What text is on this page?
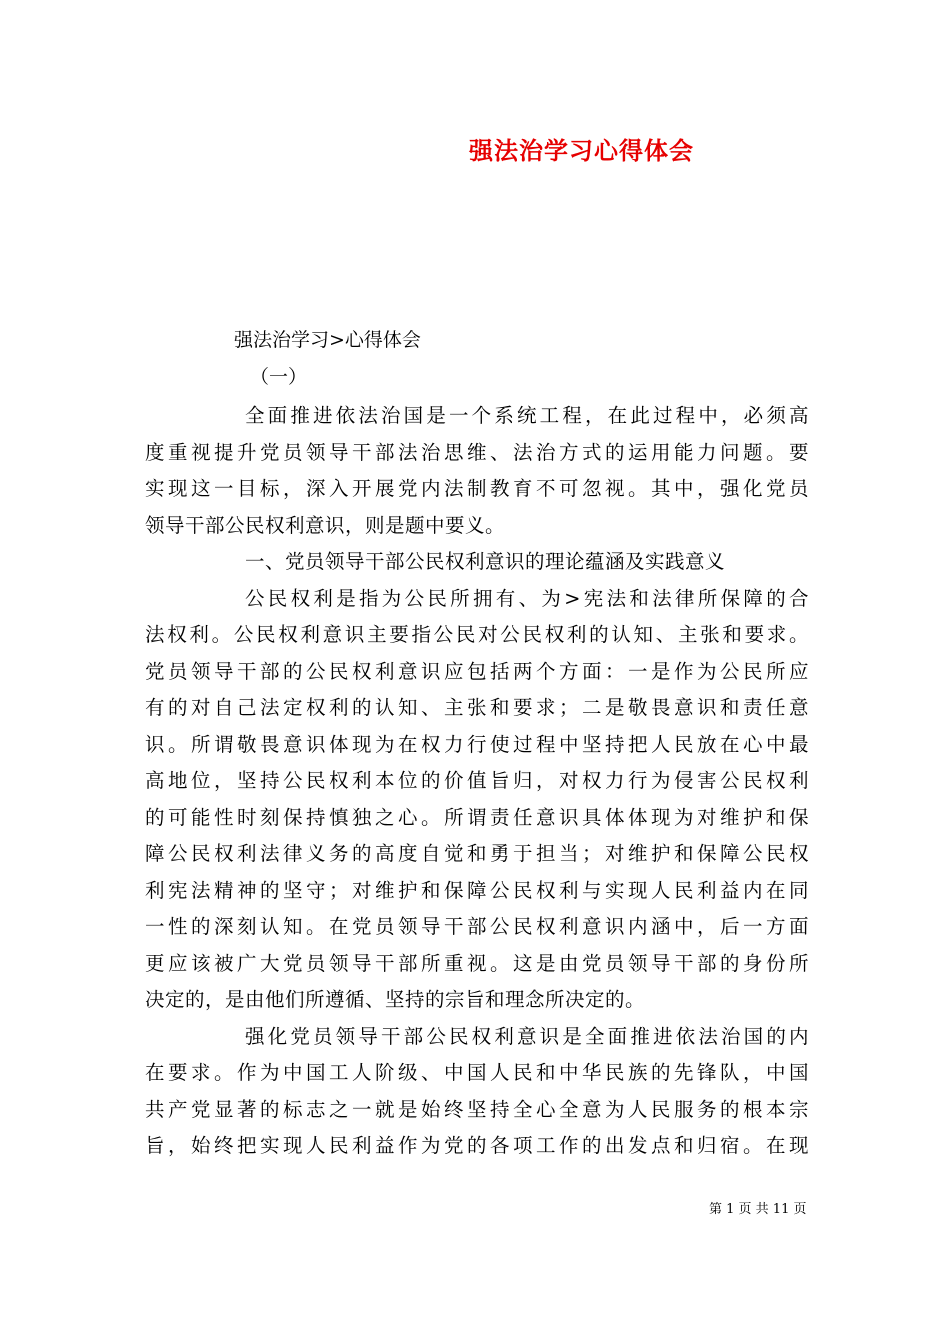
强法治学习心得体会
强法治学习>心得体会
（一）
全面推进依法治国是一个系统工程，在此过程中，必须高
度重视提升党员领导干部法治思维、法治方式的运用能力问题。要
实现这一目标，深入开展党内法制教育不可忽视。其中，强化党员
领导干部公民权利意识，则是题中要义。
一、党员领导干部公民权利意识的理论蕴涵及实践意义
公民权利是指为公民所拥有、为>宪法和法律所保障的合
法权利。公民权利意识主要指公民对公民权利的认知、主张和要求。
党员领导干部的公民权利意识应包括两个方面：一是作为公民所应
有的对自己法定权利的认知、主张和要求；二是敬畏意识和责任意
识。所谓敬畏意识体现为在权力行使过程中坚持把人民放在心中最
高地位，坚持公民权利本位的价值旨归，对权力行为侵害公民权利
的可能性时刻保持慎独之心。所谓责任意识具体体现为对维护和保
障公民权利法律义务的高度自觉和勇于担当；对维护和保障公民权
利宪法精神的坚守；对维护和保障公民权利与实现人民利益内在同
一性的深刻认知。在党员领导干部公民权利意识内涵中，后一方面
更应该被广大党员领导干部所重视。这是由党员领导干部的身份所
决定的，是由他们所遵循、坚持的宗旨和理念所决定的。
强化党员领导干部公民权利意识是全面推进依法治国的内
在要求。作为中国工人阶级、中国人民和中华民族的先锋队，中国
共产党显著的标志之一就是始终坚持全心全意为人民服务的根本宗
旨，始终把实现人民利益作为党的各项工作的出发点和归宿。在现
第 1 页 共 11 页
